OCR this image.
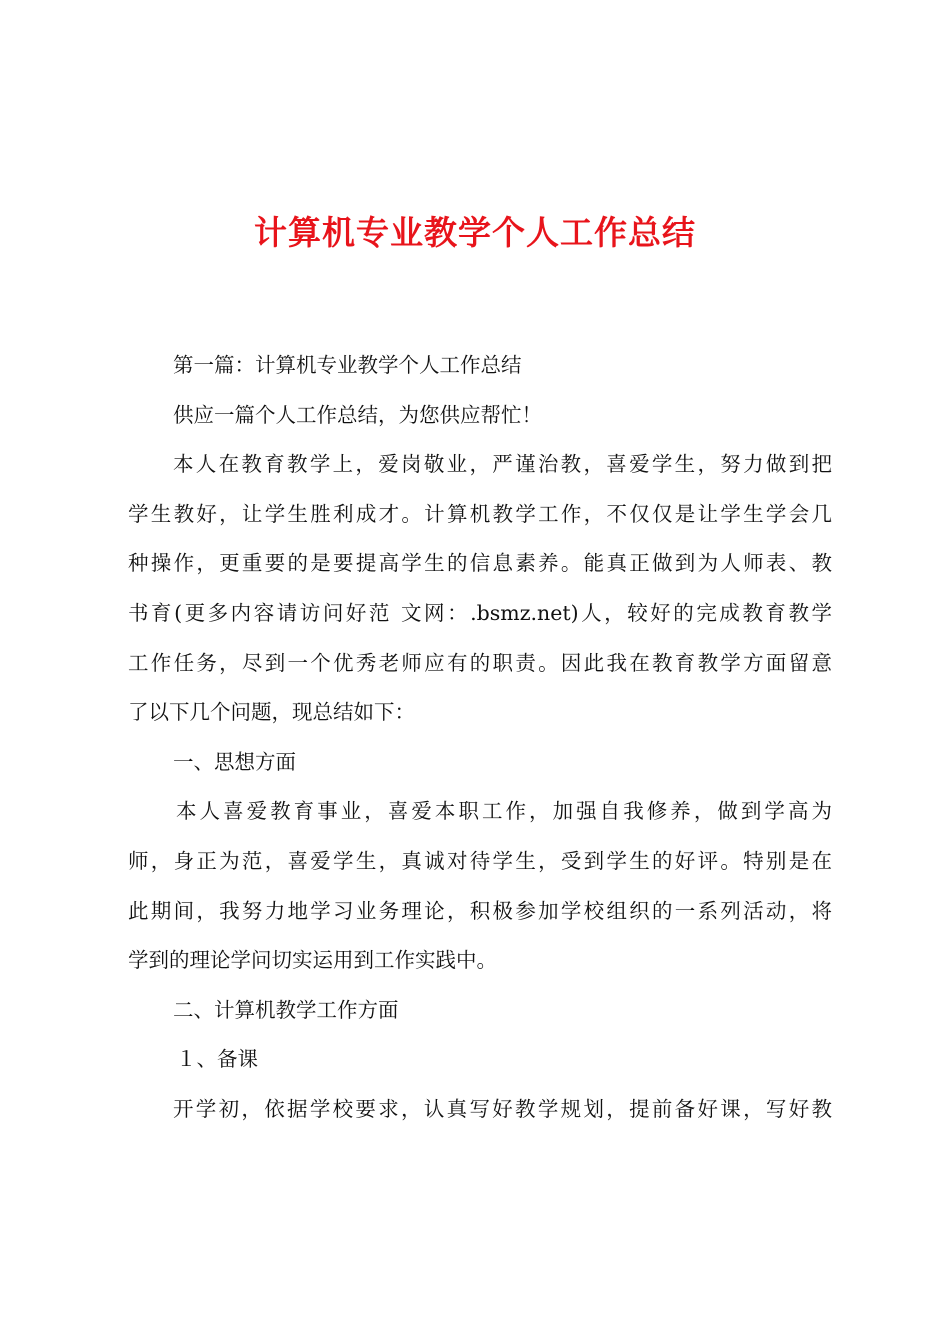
计算机专业教学个人工作总结
第一篇：计算机专业教学个人工作总结
供应一篇个人工作总结，为您供应帮忙！
本人在教育教学上，爱岗敬业，严谨治教，喜爱学生，努力做到把
学生教好，让学生胜利成才。计算机教学工作，不仅仅是让学生学会几
种操作，更重要的是要提高学生的信息素养。能真正做到为人师表、教
书育(更多内容请访问好范 文网：.bsmz.net)人，较好的完成教育教学
工作任务，尽到一个优秀老师应有的职责。因此我在教育教学方面留意
了以下几个问题，现总结如下：
一、思想方面
本人喜爱教育事业，喜爱本职工作，加强自我修养，做到学高为
师，身正为范，喜爱学生，真诚对待学生，受到学生的好评。特别是在
此期间，我努力地学习业务理论，积极参加学校组织的一系列活动，将
学到的理论学问切实运用到工作实践中。
二、计算机教学工作方面
１、备课
开学初，依据学校要求，认真写好教学规划，提前备好课，写好教
